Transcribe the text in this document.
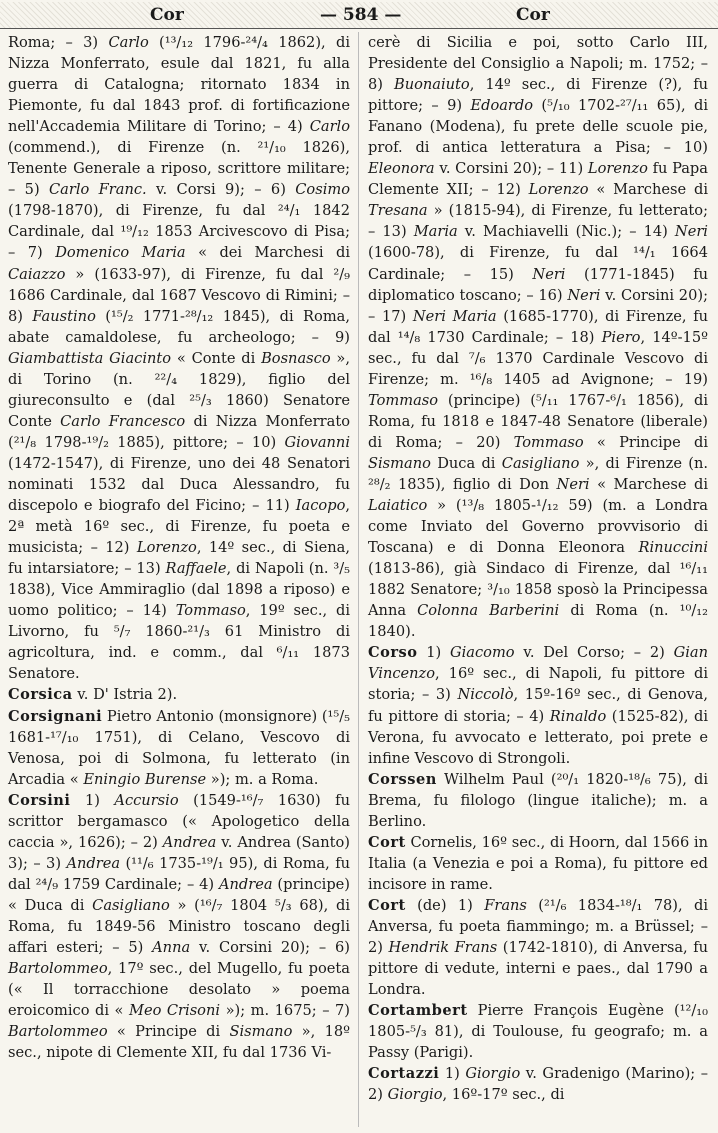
Cor	— 584 —	Cor

Roma; – 3) Carlo (¹³/₁₂ 1796-²⁴/₄ 1862), di Nizza Monferrato, esule dal 1821, fu alla guerra di Catalogna; ritornato 1834 in Piemonte, fu dal 1843 prof. di fortificazione nell'Accademia Militare di Torino; – 4) Carlo (commend.), di Firenze (n. ²¹/₁₀ 1826), Tenente Generale a riposo, scrittore militare; – 5) Carlo Franc. v. Corsi 9); – 6) Cosimo (1798-1870), di Firenze, fu dal ²⁴/₁ 1842 Cardinale, dal ¹⁹/₁₂ 1853 Arcivescovo di Pisa; – 7) Domenico Maria « dei Marchesi di Caiazzo » (1633-97), di Firenze, fu dal ²/₉ 1686 Cardinale, dal 1687 Vescovo di Rimini; – 8) Faustino (¹⁵/₂ 1771-²⁸/₁₂ 1845), di Roma, abate camaldolese, fu archeologo; – 9) Giambattista Giacinto « Conte di Bosnasco », di Torino (n. ²²/₄ 1829), figlio del giureconsulto e (dal ²⁵/₃ 1860) Senatore Conte Carlo Francesco di Nizza Monferrato (²¹/₈ 1798-¹⁹/₂ 1885), pittore; – 10) Giovanni (1472-1547), di Firenze, uno dei 48 Senatori nominati 1532 dal Duca Alessandro, fu discepolo e biografo del Ficino; – 11) Iacopo, 2ª metà 16º sec., di Firenze, fu poeta e musicista; – 12) Lorenzo, 14º sec., di Siena, fu intarsiatore; – 13) Raffaele, di Napoli (n. ³/₅ 1838), Vice Ammiraglio (dal 1898 a riposo) e uomo politico; – 14) Tommaso, 19º sec., di Livorno, fu ⁵/₇ 1860-²¹/₃ 61 Ministro di agricoltura, ind. e comm., dal ⁶/₁₁ 1873 Senatore.

Corsica v. D' Istria 2).

Corsignani Pietro Antonio (monsignore) (¹⁵/₅ 1681-¹⁷/₁₀ 1751), di Celano, Vescovo di Venosa, poi di Solmona, fu letterato (in Arcadia « Eningio Burense »); m. a Roma.

Corsini 1) Accursio (1549-¹⁶/₇ 1630) fu scrittor bergamasco (« Apologetico della caccia », 1626); – 2) Andrea v. Andrea (Santo) 3); – 3) Andrea (¹¹/₆ 1735-¹⁹/₁ 95), di Roma, fu dal ²⁴/₉ 1759 Cardinale; – 4) Andrea (principe) « Duca di Casigliano » (¹⁶/₇ 1804 ⁵/₃ 68), di Roma, fu 1849-56 Ministro toscano degli affari esteri; – 5) Anna v. Corsini 20); – 6) Bartolommeo, 17º sec., del Mugello, fu poeta (« Il torracchione desolato » poema eroicomico di « Meo Crisoni »); m. 1675; – 7) Bartolommeo « Principe di Sismano », 18º sec., nipote di Clemente XII, fu dal 1736 Vi-

cerè di Sicilia e poi, sotto Carlo III, Presidente del Consiglio a Napoli; m. 1752; – 8) Buonaiuto, 14º sec., di Firenze (?), fu pittore; – 9) Edoardo (⁵/₁₀ 1702-²⁷/₁₁ 65), di Fanano (Modena), fu prete delle scuole pie, prof. di antica letteratura a Pisa; – 10) Eleonora v. Corsini 20); – 11) Lorenzo fu Papa Clemente XII; – 12) Lorenzo « Marchese di Tresana » (1815-94), di Firenze, fu letterato; – 13) Maria v. Machiavelli (Nic.); – 14) Neri (1600-78), di Firenze, fu dal ¹⁴/₁ 1664 Cardinale; – 15) Neri (1771-1845) fu diplomatico toscano; – 16) Neri v. Corsini 20); – 17) Neri Maria (1685-1770), di Firenze, fu dal ¹⁴/₈ 1730 Cardinale; – 18) Piero, 14º-15º sec., fu dal ⁷/₆ 1370 Cardinale Vescovo di Firenze; m. ¹⁶/₈ 1405 ad Avignone; – 19) Tommaso (principe) (⁵/₁₁ 1767-⁶/₁ 1856), di Roma, fu 1818 e 1847-48 Senatore (liberale) di Roma; – 20) Tommaso « Principe di Sismano Duca di Casigliano », di Firenze (n. ²⁸/₂ 1835), figlio di Don Neri « Marchese di Laiatico » (¹³/₈ 1805-¹/₁₂ 59) (m. a Londra come Inviato del Governo provvisorio di Toscana) e di Donna Eleonora Rinuccini (1813-86), già Sindaco di Firenze, dal ¹⁶/₁₁ 1882 Senatore; ³/₁₀ 1858 sposò la Principessa Anna Colonna Barberini di Roma (n. ¹⁰/₁₂ 1840).

Corso 1) Giacomo v. Del Corso; – 2) Gian Vincenzo, 16º sec., di Napoli, fu pittore di storia; – 3) Niccolò, 15º-16º sec., di Genova, fu pittore di storia; – 4) Rinaldo (1525-82), di Verona, fu avvocato e letterato, poi prete e infine Vescovo di Strongoli.

Corssen Wilhelm Paul (²⁰/₁ 1820-¹⁸/₆ 75), di Brema, fu filologo (lingue italiche); m. a Berlino.

Cort Cornelis, 16º sec., di Hoorn, dal 1566 in Italia (a Venezia e poi a Roma), fu pittore ed incisore in rame.

Cort (de) 1) Frans (²¹/₆ 1834-¹⁸/₁ 78), di Anversa, fu poeta fiammingo; m. a Brüssel; – 2) Hendrik Frans (1742-1810), di Anversa, fu pittore di vedute, interni e paes., dal 1790 a Londra.

Cortambert Pierre François Eugène (¹²/₁₀ 1805-⁵/₃ 81), di Toulouse, fu geografo; m. a Passy (Parigi).

Cortazzi 1) Giorgio v. Gradenigo (Marino); – 2) Giorgio, 16º-17º sec., di
